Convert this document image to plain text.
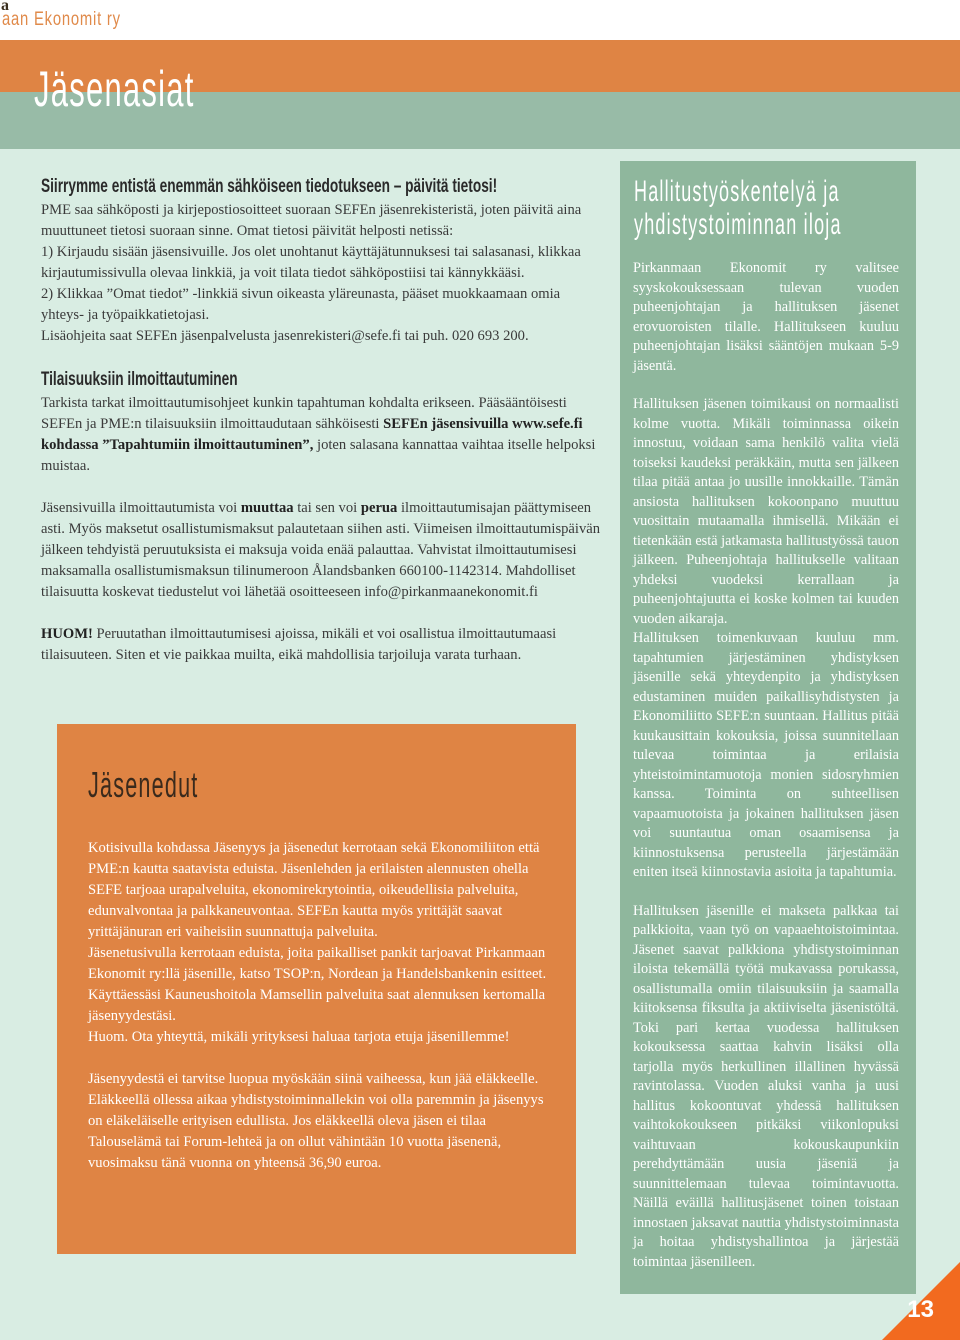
a
aan Ekonomit ry
Jäsenasiat
Siirrymme entistä enemmän sähköiseen tiedotukseen – päivitä tietosi!

PME saa sähköposti ja kirjepostiosoitteet suoraan SEFEn jäsenrekisteristä, joten päivitä aina muuttuneet tietosi suoraan sinne. Omat tietosi päivität helposti netissä:

1) Kirjaudu sisään jäsensivuille. Jos olet unohtanut käyttäjätunnuksesi tai salasanasi, klikkaa kirjautumissivulla olevaa linkkiä, ja voit tilata tiedot sähköpostiisi tai kännykkääsi.

2) Klikkaa ”Omat tiedot” -linkkiä sivun oikeasta yläreunasta, pääset muokkaamaan omia yhteys- ja työpaikkatietojasi.

Lisäohjeita saat SEFEn jäsenpalvelusta jasenrekisteri@sefe.fi tai puh. 020 693 200.

Tilaisuuksiin ilmoittautuminen

Tarkista tarkat ilmoittautumisohjeet kunkin tapahtuman kohdalta erikseen. Pääsääntöisesti SEFEn ja PME:n tilaisuuksiin ilmoittaudutaan sähköisesti SEFEn jäsensivuilla www.sefe.fi kohdassa ”Tapahtumiin ilmoittautuminen”, joten salasana kannattaa vaihtaa itselle helpoksi muistaa.

Jäsensivuilla ilmoittautumista voi muuttaa tai sen voi perua ilmoittautumisajan päättymiseen asti. Myös maksetut osallistumismaksut palautetaan siihen asti. Viimeisen ilmoittautumispäivän jälkeen tehdyistä peruutuksista ei maksuja voida enää palauttaa. Vahvistat ilmoittautumisesi maksamalla osallistumismaksun tilinumeroon Ålandsbanken 660100-1142314. Mahdolliset tilaisuutta koskevat tiedustelut voi lähetää osoitteeseen info@pirkanmaanekonomit.fi

HUOM! Peruutathan ilmoittautumisesi ajoissa, mikäli et voi osallistua ilmoittautumaasi tilaisuuteen. Siten et vie paikkaa muilta, eikä mahdollisia tarjoiluja varata turhaan.

Jäsenedut

Kotisivulla kohdassa Jäsenyys ja jäsenedut kerrotaan sekä Ekonomiliiton että PME:n kautta saatavista eduista. Jäsenlehden ja erilaisten alennusten ohella SEFE tarjoaa urapalveluita, ekonomirekrytointia, oikeudellisia palveluita, edunvalvontaa ja palkkaneuvontaa. SEFEn kautta myös yrittäjät saavat yrittäjänuran eri vaiheisiin suunnattuja palveluita.

Jäsenetusivulla kerrotaan eduista, joita paikalliset pankit tarjoavat Pirkanmaan Ekonomit ry:llä jäsenille, katso TSOP:n, Nordean ja Handelsbankenin esitteet.

Käyttäessäsi Kauneushoitola Mamsellin palveluita saat alennuksen kertomalla jäsenyydestäsi.

Huom. Ota yhteyttä, mikäli yrityksesi haluaa tarjota etuja jäsenillemme!

Jäsenyydestä ei tarvitse luopua myöskään siinä vaiheessa, kun jää eläkkeelle. Eläkkeellä ollessa aikaa yhdistystoiminnallekin voi olla paremmin ja jäsenyys on eläkeläiselle erityisen edullista. Jos eläkkeellä oleva jäsen ei tilaa Talouselämä tai Forum-lehteä ja on ollut vähintään 10 vuotta jäsenenä, vuosimaksu tänä vuonna on yhteensä 36,90 euroa.

Hallitustyöskentelyä ja
yhdistystoiminnan iloja

Pirkanmaan Ekonomit ry valitsee syyskokouksessaan tulevan vuoden puheenjohtajan ja hallituksen jäsenet erovuoroisten tilalle. Hallitukseen kuuluu puheenjohtajan lisäksi sääntöjen mukaan 5-9 jäsentä.

Hallituksen jäsenen toimikausi on normaalisti kolme vuotta. Mikäli toiminnassa oikein innostuu, voidaan sama henkilö valita vielä toiseksi kaudeksi peräkkäin, mutta sen jälkeen tilaa pitää antaa jo uusille innokkaille. Tämän ansiosta hallituksen kokoonpano muuttuu vuosittain mutaamalla ihmisellä. Mikään ei tietenkään estä jatkamasta hallitustyössä tauon jälkeen. Puheenjohtaja hallitukselle valitaan yhdeksi vuodeksi kerrallaan ja puheenjohtajuutta ei koske kolmen tai kuuden vuoden aikaraja.

Hallituksen toimenkuvaan kuuluu mm. tapahtumien järjestäminen yhdistyksen jäsenille sekä yhteydenpito ja yhdistyksen edustaminen muiden paikallisyhdistysten ja Ekonomiliitto SEFE:n suuntaan. Hallitus pitää kuukausittain kokouksia, joissa suunnitellaan tulevaa toimintaa ja erilaisia yhteistoimintamuotoja monien sidosryhmien kanssa. Toiminta on suhteellisen vapaamuotoista ja jokainen hallituksen jäsen voi suuntautua oman osaamisensa ja kiinnostuksensa perusteella järjestämään eniten itseä kiinnostavia asioita ja tapahtumia.

Hallituksen jäsenille ei makseta palkkaa tai palkkioita, vaan työ on vapaaehtoistoimintaa. Jäsenet saavat palkkiona yhdistystoiminnan iloista tekemällä työtä mukavassa porukassa, osallistumalla omiin tilaisuuksiin ja saamalla kiitoksensa fiksulta ja aktiiviselta jäsenistöltä. Toki pari kertaa vuodessa hallituksen kokouksessa saattaa kahvin lisäksi olla tarjolla myös herkullinen illallinen hyvässä ravintolassa. Vuoden aluksi vanha ja uusi hallitus kokoontuvat yhdessä hallituksen vaihtokokoukseen pitkäksi viikonlopuksi vaihtuvaan kokouskaupunkiin perehdyttämään uusia jäseniä ja suunnittelemaan tulevaa toimintavuotta. Näillä eväillä hallitusjäsenet toinen toistaan innostaen jaksavat nauttia yhdistystoiminnasta ja hoitaa yhdistyshallintoa ja järjestää toimintaa jäsenilleen.

13
